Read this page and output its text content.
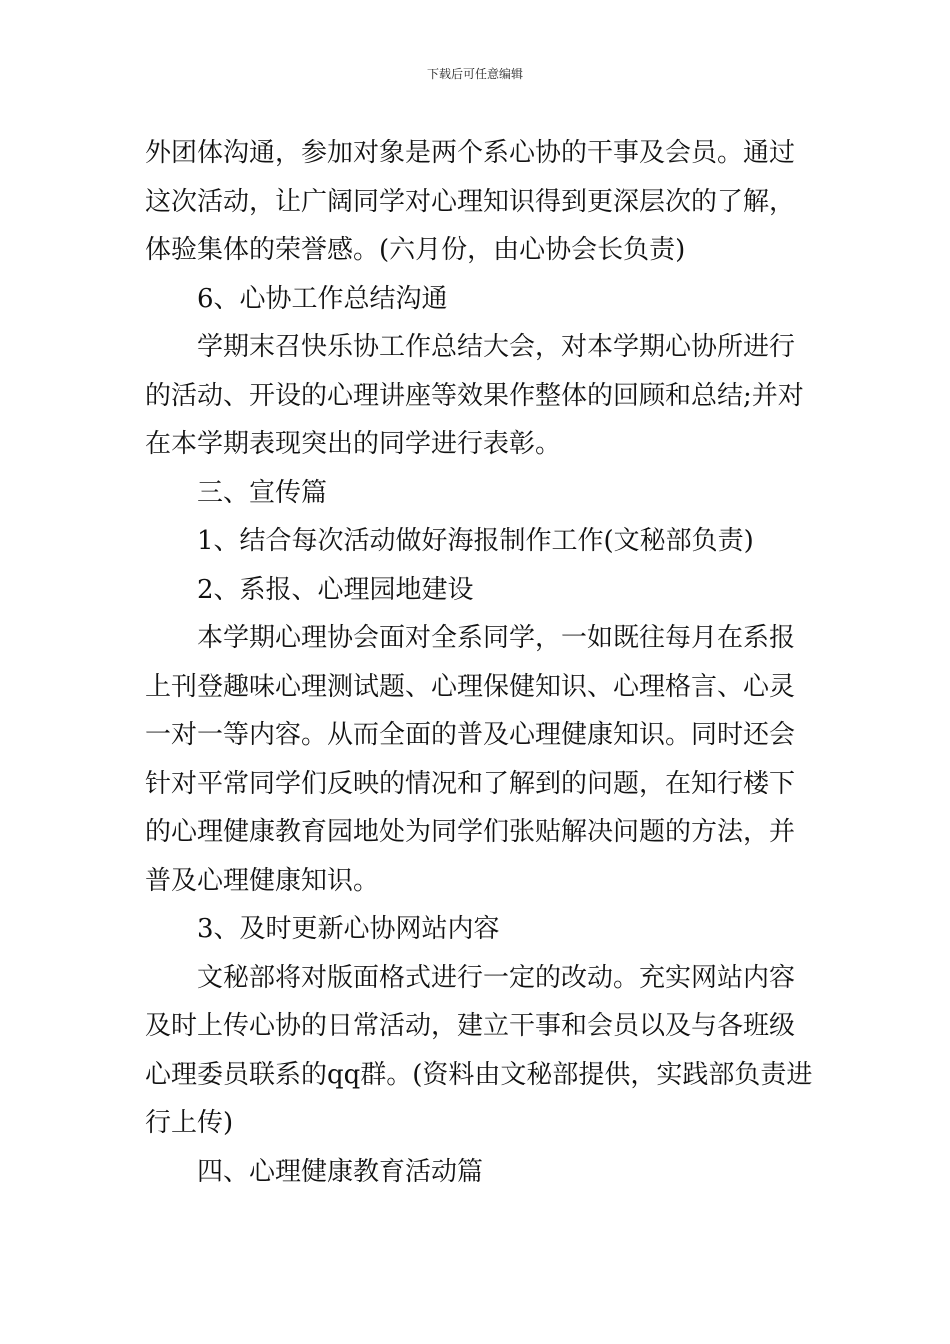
下载后可任意编辑
外团体沟通，参加对象是两个系心协的干事及会员。通过
这次活动，让广阔同学对心理知识得到更深层次的了解，
体验集体的荣誉感。(六月份，由心协会长负责)
6、心协工作总结沟通
学期末召快乐协工作总结大会，对本学期心协所进行
的活动、开设的心理讲座等效果作整体的回顾和总结;并对
在本学期表现突出的同学进行表彰。
三、宣传篇
1、结合每次活动做好海报制作工作(文秘部负责)
2、系报、心理园地建设
本学期心理协会面对全系同学，一如既往每月在系报
上刊登趣味心理测试题、心理保健知识、心理格言、心灵
一对一等内容。从而全面的普及心理健康知识。同时还会
针对平常同学们反映的情况和了解到的问题，在知行楼下
的心理健康教育园地处为同学们张贴解决问题的方法，并
普及心理健康知识。
3、及时更新心协网站内容
文秘部将对版面格式进行一定的改动。充实网站内容
及时上传心协的日常活动，建立干事和会员以及与各班级
心理委员联系的qq群。(资料由文秘部提供，实践部负责进
行上传)
四、心理健康教育活动篇
